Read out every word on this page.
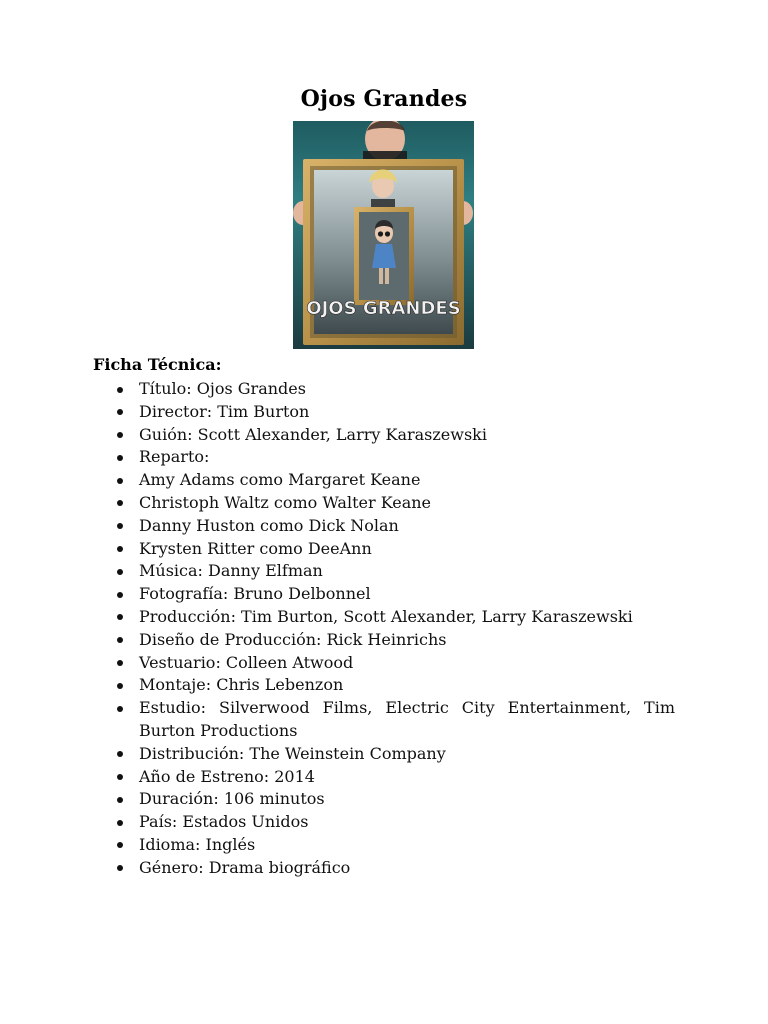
Ojos Grandes
OJOS GRANDES
Ficha Técnica:
Título: Ojos Grandes
Director: Tim Burton
Guión: Scott Alexander, Larry Karaszewski
Reparto:
Amy Adams como Margaret Keane
Christoph Waltz como Walter Keane
Danny Huston como Dick Nolan
Krysten Ritter como DeeAnn
Música: Danny Elfman
Fotografía: Bruno Delbonnel
Producción: Tim Burton, Scott Alexander, Larry Karaszewski
Diseño de Producción: Rick Heinrichs
Vestuario: Colleen Atwood
Montaje: Chris Lebenzon
Estudio: Silverwood Films, Electric City Entertainment, Tim Burton Productions
Distribución: The Weinstein Company
Año de Estreno: 2014
Duración: 106 minutos
País: Estados Unidos
Idioma: Inglés
Género: Drama biográfico
